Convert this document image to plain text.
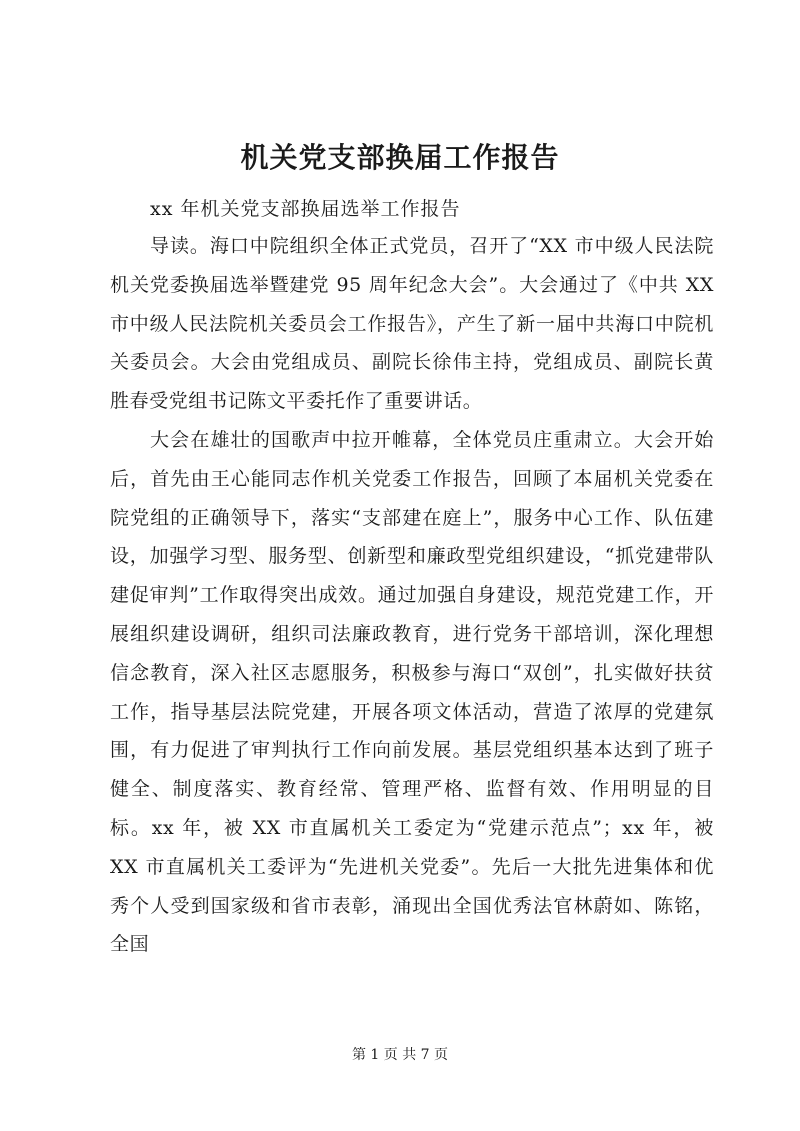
机关党支部换届工作报告
xx 年机关党支部换届选举工作报告

导读。海口中院组织全体正式党员，召开了“XX 市中级人民法院机关党委换届选举暨建党 95 周年纪念大会”。大会通过了《中共 XX 市中级人民法院机关委员会工作报告》，产生了新一届中共海口中院机关委员会。大会由党组成员、副院长徐伟主持，党组成员、副院长黄胜春受党组书记陈文平委托作了重要讲话。

大会在雄壮的国歌声中拉开帷幕，全体党员庄重肃立。大会开始后，首先由王心能同志作机关党委工作报告，回顾了本届机关党委在院党组的正确领导下，落实“支部建在庭上”，服务中心工作、队伍建设，加强学习型、服务型、创新型和廉政型党组织建设，“抓党建带队建促审判”工作取得突出成效。通过加强自身建设，规范党建工作，开展组织建设调研，组织司法廉政教育，进行党务干部培训，深化理想信念教育，深入社区志愿服务，积极参与海口“双创”，扎实做好扶贫工作，指导基层法院党建，开展各项文体活动，营造了浓厚的党建氛围，有力促进了审判执行工作向前发展。基层党组织基本达到了班子健全、制度落实、教育经常、管理严格、监督有效、作用明显的目标。xx 年，被 XX 市直属机关工委定为“党建示范点”；xx 年，被 XX 市直属机关工委评为“先进机关党委”。先后一大批先进集体和优秀个人受到国家级和省市表彰，涌现出全国优秀法官林蔚如、陈铭，全国

第 1 页 共 7 页
